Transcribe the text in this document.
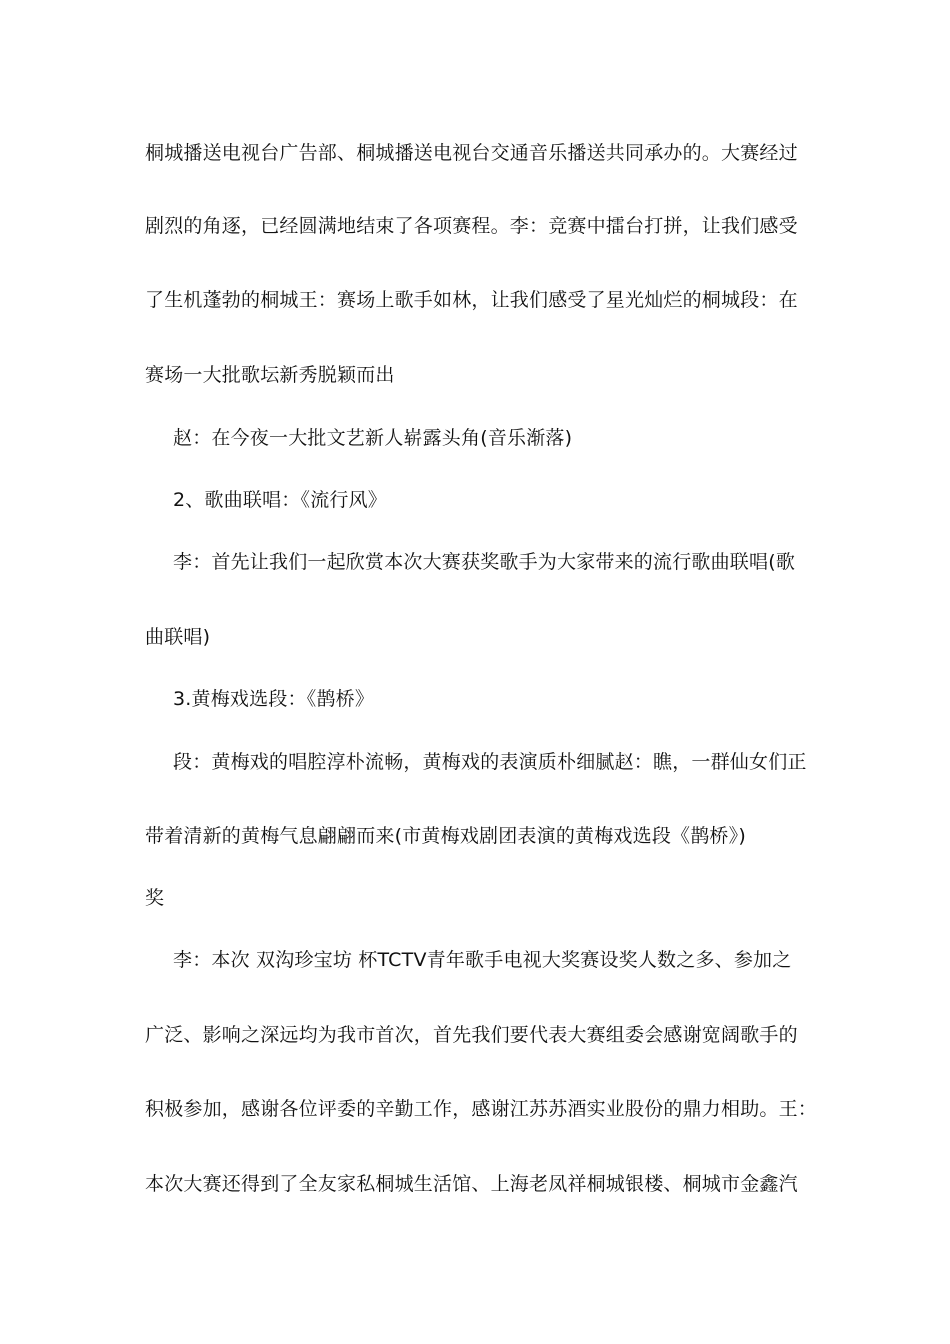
桐城播送电视台广告部、桐城播送电视台交通音乐播送共同承办的。大赛经过
剧烈的角逐，已经圆满地结束了各项赛程。李：竞赛中擂台打拼，让我们感受
了生机蓬勃的桐城王：赛场上歌手如林，让我们感受了星光灿烂的桐城段：在
赛场一大批歌坛新秀脱颖而出
赵：在今夜一大批文艺新人崭露头角(音乐渐落)
2、歌曲联唱：《流行风》
李：首先让我们一起欣赏本次大赛获奖歌手为大家带来的流行歌曲联唱(歌
曲联唱)
3.黄梅戏选段：《鹊桥》
段：黄梅戏的唱腔淳朴流畅，黄梅戏的表演质朴细腻赵：瞧，一群仙女们正
带着清新的黄梅气息翩翩而来(市黄梅戏剧团表演的黄梅戏选段《鹊桥》)
奖
李：本次 双沟珍宝坊 杯TCTV青年歌手电视大奖赛设奖人数之多、参加之
广泛、影响之深远均为我市首次，首先我们要代表大赛组委会感谢宽阔歌手的
积极参加，感谢各位评委的辛勤工作，感谢江苏苏酒实业股份的鼎力相助。王：
本次大赛还得到了全友家私桐城生活馆、上海老凤祥桐城银楼、桐城市金鑫汽
